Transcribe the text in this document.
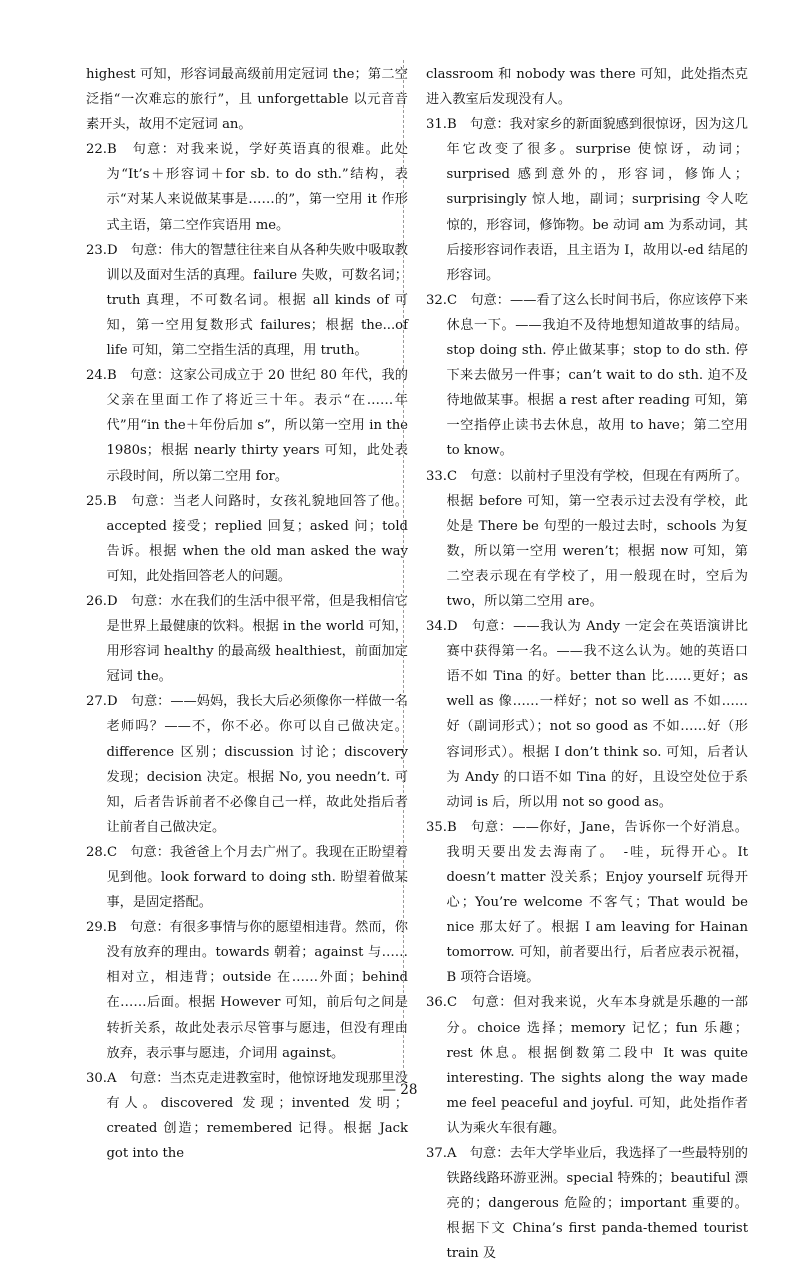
highest 可知，形容词最高级前用定冠词 the；第二空泛指“一次难忘的旅行”，且 unforgettable 以元音音素开头，故用不定冠词 an。

22.B　句意：对我来说，学好英语真的很难。此处为“It’s＋形容词＋for sb. to do sth.”结构，表示“对某人来说做某事是……的”，第一空用 it 作形式主语，第二空作宾语用 me。

23.D　句意：伟大的智慧往往来自从各种失败中吸取教训以及面对生活的真理。failure 失败，可数名词；truth 真理，不可数名词。根据 all kinds of 可知，第一空用复数形式 failures；根据 the...of life 可知，第二空指生活的真理，用 truth。

24.B　句意：这家公司成立于 20 世纪 80 年代，我的父亲在里面工作了将近三十年。表示“在……年代”用“in the＋年份后加 s”，所以第一空用 in the 1980s；根据 nearly thirty years 可知，此处表示段时间，所以第二空用 for。

25.B　句意：当老人问路时，女孩礼貌地回答了他。accepted 接受；replied 回复；asked 问；told 告诉。根据 when the old man asked the way 可知，此处指回答老人的问题。

26.D　句意：水在我们的生活中很平常，但是我相信它是世界上最健康的饮料。根据 in the world 可知，用形容词 healthy 的最高级 healthiest，前面加定冠词 the。

27.D　句意：——妈妈，我长大后必须像你一样做一名老师吗？——不，你不必。你可以自己做决定。difference 区别；discussion 讨论；discovery 发现；decision 决定。根据 No, you needn’t. 可知，后者告诉前者不必像自己一样，故此处指后者让前者自己做决定。

28.C　句意：我爸爸上个月去广州了。我现在正盼望着见到他。look forward to doing sth. 盼望着做某事，是固定搭配。

29.B　句意：有很多事情与你的愿望相违背。然而，你没有放弃的理由。towards 朝着；against 与……相对立，相违背；outside 在……外面；behind 在……后面。根据 However 可知，前后句之间是转折关系，故此处表示尽管事与愿违，但没有理由放弃，表示事与愿违，介词用 against。

30.A　句意：当杰克走进教室时，他惊讶地发现那里没有人。discovered 发现；invented 发明；created 创造；remembered 记得。根据 Jack got into the

classroom 和 nobody was there 可知，此处指杰克进入教室后发现没有人。

31.B　句意：我对家乡的新面貌感到很惊讶，因为这几年它改变了很多。surprise 使惊讶，动词；surprised 感到意外的，形容词，修饰人；surprisingly 惊人地，副词；surprising 令人吃惊的，形容词，修饰物。be 动词 am 为系动词，其后接形容词作表语，且主语为 I，故用以-ed 结尾的形容词。

32.C　句意：——看了这么长时间书后，你应该停下来休息一下。——我迫不及待地想知道故事的结局。stop doing sth. 停止做某事；stop to do sth. 停下来去做另一件事；can’t wait to do sth. 迫不及待地做某事。根据 a rest after reading 可知，第一空指停止读书去休息，故用 to have；第二空用 to know。

33.C　句意：以前村子里没有学校，但现在有两所了。根据 before 可知，第一空表示过去没有学校，此处是 There be 句型的一般过去时，schools 为复数，所以第一空用 weren’t；根据 now 可知，第二空表示现在有学校了，用一般现在时，空后为 two，所以第二空用 are。

34.D　句意：——我认为 Andy 一定会在英语演讲比赛中获得第一名。——我不这么认为。她的英语口语不如 Tina 的好。better than 比……更好；as well as 像……一样好；not so well as 不如……好（副词形式）；not so good as 不如……好（形容词形式）。根据 I don’t think so. 可知，后者认为 Andy 的口语不如 Tina 的好，且设空处位于系动词 is 后，所以用 not so good as。

35.B　句意：——你好，Jane，告诉你一个好消息。我明天要出发去海南了。　-哇，玩得开心。It doesn’t matter 没关系；Enjoy yourself 玩得开心；You’re welcome 不客气；That would be nice 那太好了。根据 I am leaving for Hainan tomorrow. 可知，前者要出行，后者应表示祝福，B 项符合语境。

36.C　句意：但对我来说，火车本身就是乐趣的一部分。choice 选择；memory 记忆；fun 乐趣；rest 休息。根据倒数第二段中 It was quite interesting. The sights along the way made me feel peaceful and joyful. 可知，此处指作者认为乘火车很有趣。

37.A　句意：去年大学毕业后，我选择了一些最特别的铁路线路环游亚洲。special 特殊的；beautiful 漂亮的；dangerous 危险的；important 重要的。根据下文 China’s first panda-themed tourist train 及

— 28
